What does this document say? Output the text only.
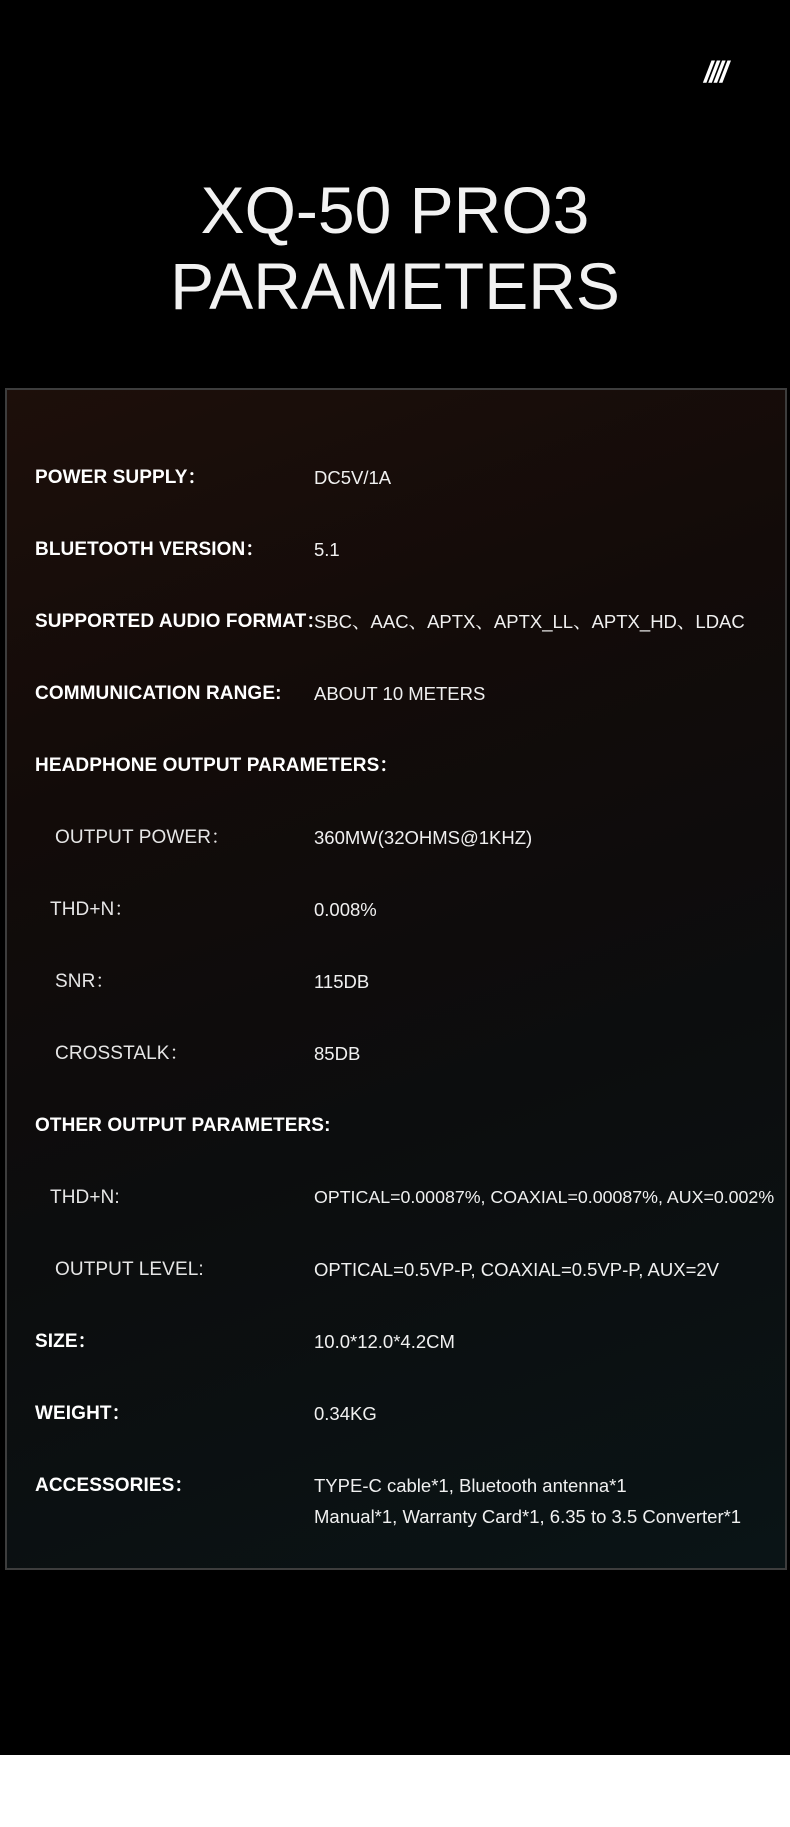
////
XQ-50 PRO3
PARAMETERS
POWER SUPPLY：	DC5V/1A
BLUETOOTH VERSION：	5.1
SUPPORTED AUDIO FORMAT：
SBC、AAC、APTX、APTX_LL、APTX_HD、LDAC
COMMUNICATION RANGE: ABOUT 10 METERS
HEADPHONE OUTPUT PARAMETERS：
OUTPUT POWER：	360MW(32OHMS@1KHZ)
THD+N：	0.008%
SNR：	115DB
CROSSTALK：	85DB
OTHER OUTPUT PARAMETERS:
THD+N:	OPTICAL=0.00087%, COAXIAL=0.00087%, AUX=0.002%
OUTPUT LEVEL:	OPTICAL=0.5VP-P, COAXIAL=0.5VP-P, AUX=2V
SIZE：	10.0*12.0*4.2CM
WEIGHT：	0.34KG
ACCESSORIES：	TYPE-C cable*1, Bluetooth antenna*1
Manual*1, Warranty Card*1, 6.35 to 3.5 Converter*1
